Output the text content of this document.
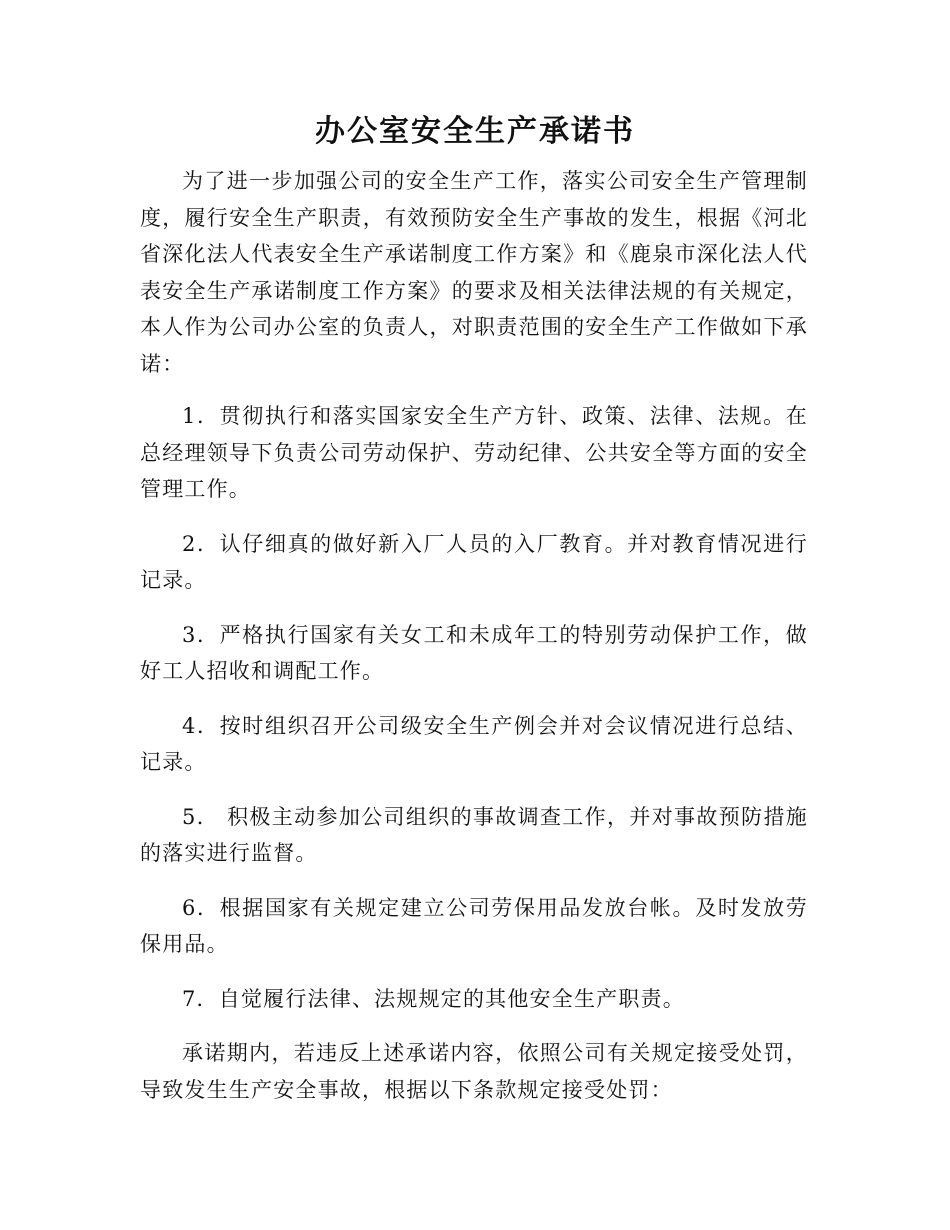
办公室安全生产承诺书

为了进一步加强公司的安全生产工作，落实公司安全生产管理制度，履行安全生产职责，有效预防安全生产事故的发生，根据《河北省深化法人代表安全生产承诺制度工作方案》和《鹿泉市深化法人代表安全生产承诺制度工作方案》的要求及相关法律法规的有关规定，本人作为公司办公室的负责人，对职责范围的安全生产工作做如下承诺：

1．贯彻执行和落实国家安全生产方针、政策、法律、法规。在总经理领导下负责公司劳动保护、劳动纪律、公共安全等方面的安全管理工作。

2．认仔细真的做好新入厂人员的入厂教育。并对教育情况进行记录。

3．严格执行国家有关女工和未成年工的特别劳动保护工作，做好工人招收和调配工作。

4．按时组织召开公司级安全生产例会并对会议情况进行总结、记录。

5． 积极主动参加公司组织的事故调查工作，并对事故预防措施的落实进行监督。

6．根据国家有关规定建立公司劳保用品发放台帐。及时发放劳保用品。

7．自觉履行法律、法规规定的其他安全生产职责。

承诺期内，若违反上述承诺内容，依照公司有关规定接受处罚，导致发生生产安全事故，根据以下条款规定接受处罚：
